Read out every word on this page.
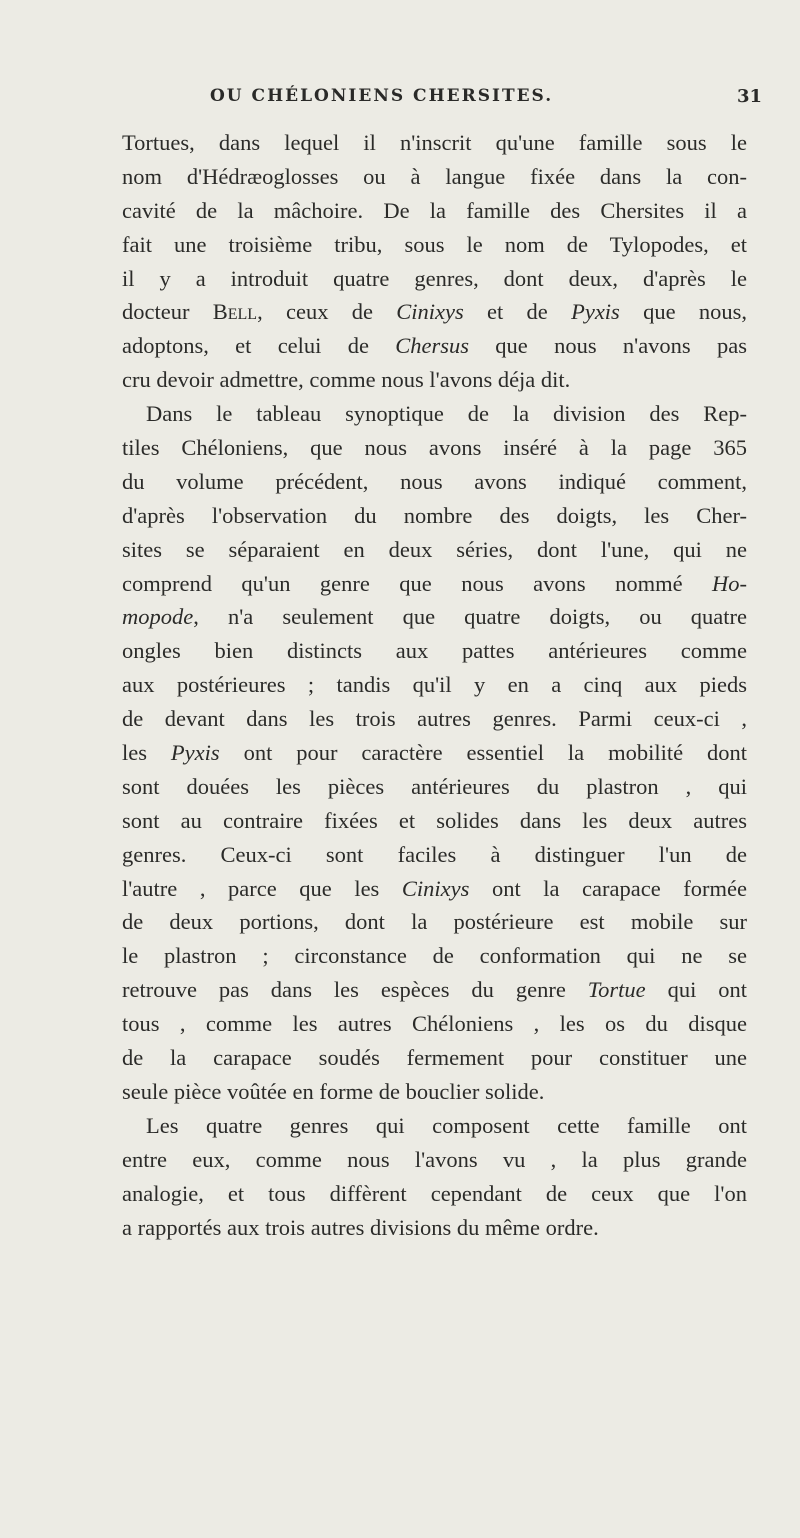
OU CHÉLONIENS CHERSITES.	31
Tortues, dans lequel il n'inscrit qu'une famille sous le
nom d'Hédræoglosses ou à langue fixée dans la con-
cavité de la mâchoire. De la famille des Chersites il a
fait une troisième tribu, sous le nom de Tylopodes, et
il y a introduit quatre genres, dont deux, d'après le
docteur Bell, ceux de Cinixys et de Pyxis que nous,
adoptons, et celui de Chersus que nous n'avons pas
cru devoir admettre, comme nous l'avons déja dit.
Dans le tableau synoptique de la division des Rep-
tiles Chéloniens, que nous avons inséré à la page 365
du volume précédent, nous avons indiqué comment,
d'après l'observation du nombre des doigts, les Cher-
sites se séparaient en deux séries, dont l'une, qui ne
comprend qu'un genre que nous avons nommé Ho-
mopode, n'a seulement que quatre doigts, ou quatre
ongles bien distincts aux pattes antérieures comme
aux postérieures ; tandis qu'il y en a cinq aux pieds
de devant dans les trois autres genres. Parmi ceux-ci ,
les Pyxis ont pour caractère essentiel la mobilité dont
sont douées les pièces antérieures du plastron , qui
sont au contraire fixées et solides dans les deux autres
genres. Ceux-ci sont faciles à distinguer l'un de
l'autre , parce que les Cinixys ont la carapace formée
de deux portions, dont la postérieure est mobile sur
le plastron ; circonstance de conformation qui ne se
retrouve pas dans les espèces du genre Tortue qui ont
tous , comme les autres Chéloniens , les os du disque
de la carapace soudés fermement pour constituer une
seule pièce voûtée en forme de bouclier solide.
Les quatre genres qui composent cette famille ont
entre eux, comme nous l'avons vu , la plus grande
analogie, et tous diffèrent cependant de ceux que l'on
a rapportés aux trois autres divisions du même ordre.
